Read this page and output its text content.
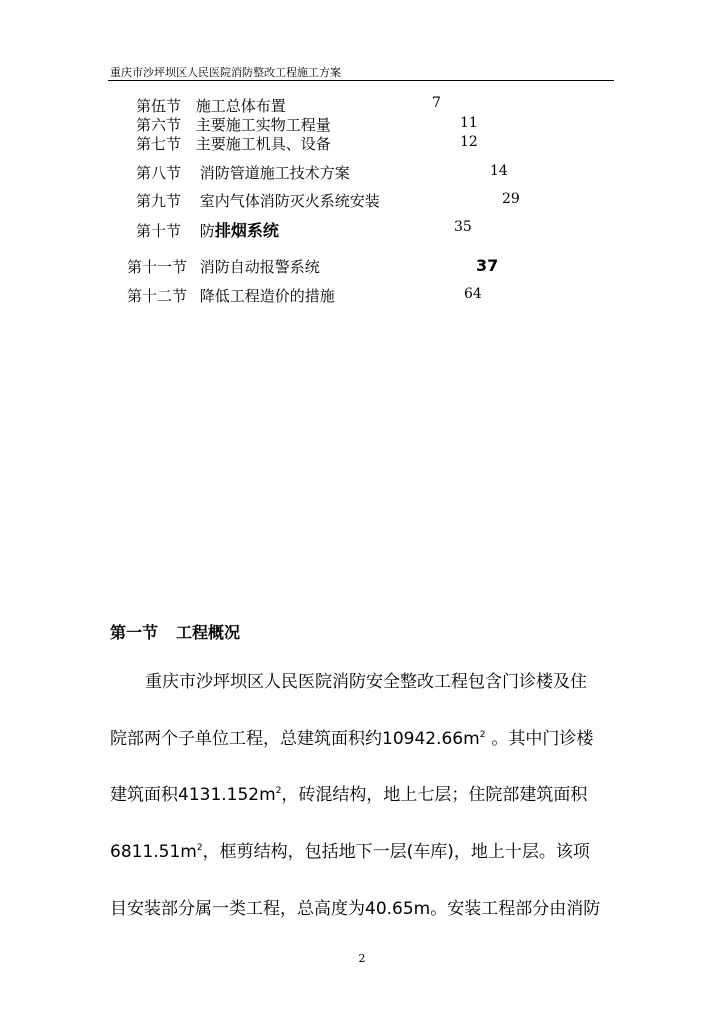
重庆市沙坪坝区人民医院消防整改工程施工方案
第伍节 施工总体布置	7
第六节 主要施工实物工程量	11
第七节 主要施工机具、设备	12
第八节 消防管道施工技术方案	14
第九节 室内气体消防灭火系统安装	29
第十节 防排烟系统	35
第十一节 消防自动报警系统	37
第十二节 降低工程造价的措施	64
第一节 工程概况
重庆市沙坪坝区人民医院消防安全整改工程包含门诊楼及住
院部两个子单位工程，总建筑面积约$10942.66m^2$ 。其中门诊楼
建筑面积$4131.152m^2$，砖混结构，地上七层；住院部建筑面积
$6811.51m^2$，框剪结构，包括地下一层(车库)，地上十层。该项
目安装部分属一类工程，总高度为40.65m。安装工程部分由消防
2
